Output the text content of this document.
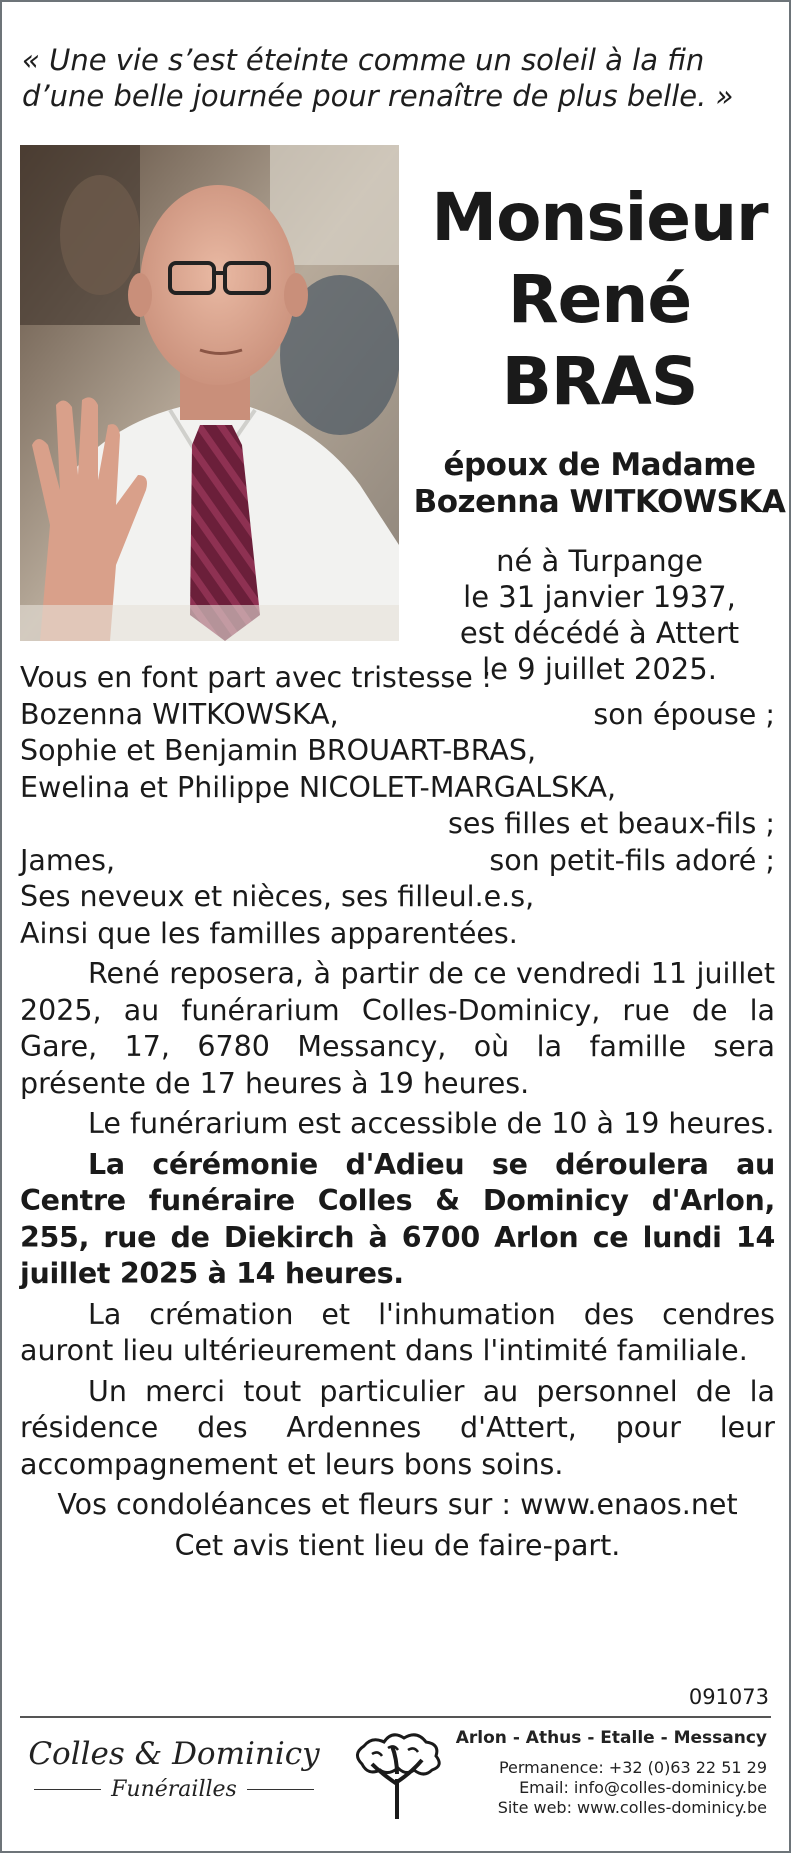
« Une vie s’est éteinte comme un soleil à la fin
d’une belle journée pour renaître de plus belle. »
Monsieur
René BRAS
époux de Madame
Bozenna WITKOWSKA
né à Turpange
le 31 janvier 1937,
est décédé à Attert
le 9 juillet 2025.
Vous en font part avec tristesse :
Bozenna WITKOWSKA,	son épouse ;
Sophie et Benjamin BROUART-BRAS,
Ewelina et Philippe NICOLET-MARGALSKA,
ses filles et beaux-fils ;
James,	son petit-fils adoré ;
Ses neveux et nièces, ses filleul.e.s,
Ainsi que les familles apparentées.

René reposera, à partir de ce vendredi 11 juillet 2025, au funérarium Colles-Dominicy, rue de la Gare, 17, 6780 Messancy, où la famille sera présente de 17 heures à 19 heures.

Le funérarium est accessible de 10 à 19 heures.

La cérémonie d'Adieu se déroulera au Centre funéraire Colles & Dominicy d'Arlon, 255, rue de Diekirch à 6700 Arlon ce lundi 14 juillet 2025 à 14 heures.

La crémation et l'inhumation des cendres auront lieu ultérieurement dans l'intimité familiale.

Un merci tout particulier au personnel de la résidence des Ardennes d'Attert, pour leur accompagnement et leurs bons soins.

Vos condoléances et fleurs sur : www.enaos.net
Cet avis tient lieu de faire-part.
091073
Colles & Dominicy
Funérailles
Arlon - Athus - Etalle - Messancy
Permanence: +32 (0)63 22 51 29
Email: info@colles-dominicy.be
Site web: www.colles-dominicy.be
